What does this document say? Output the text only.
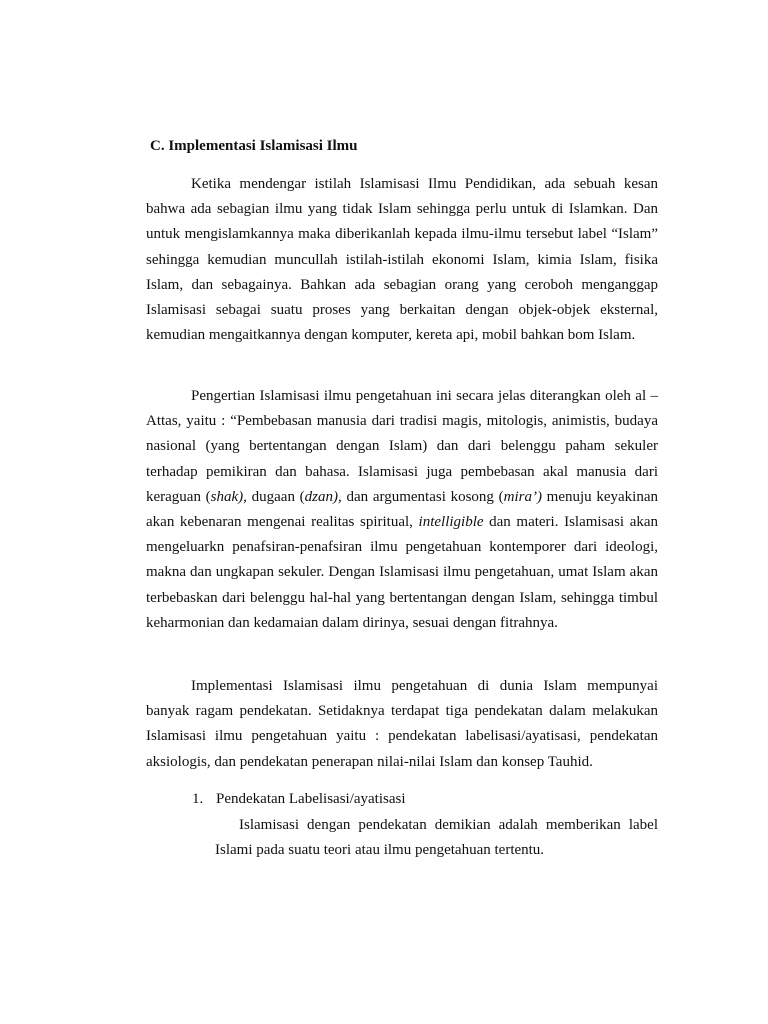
C. Implementasi Islamisasi Ilmu

Ketika mendengar istilah Islamisasi Ilmu Pendidikan, ada sebuah kesan bahwa ada sebagian ilmu yang tidak Islam sehingga perlu untuk di Islamkan. Dan untuk mengislamkannya maka diberikanlah kepada ilmu-ilmu tersebut label “Islam” sehingga kemudian muncullah istilah-istilah ekonomi Islam, kimia Islam, fisika Islam, dan sebagainya. Bahkan ada sebagian orang yang ceroboh menganggap Islamisasi sebagai suatu proses yang berkaitan dengan objek-objek eksternal, kemudian mengaitkannya dengan komputer, kereta api, mobil bahkan bom Islam.

Pengertian Islamisasi ilmu pengetahuan ini secara jelas diterangkan oleh al – Attas, yaitu : “Pembebasan manusia dari tradisi magis, mitologis, animistis, budaya nasional (yang bertentangan dengan Islam) dan dari belenggu paham sekuler terhadap pemikiran dan bahasa. Islamisasi juga pembebasan akal manusia dari keraguan (shak), dugaan (dzan), dan argumentasi kosong (mira’) menuju keyakinan akan kebenaran mengenai realitas spiritual, intelligible dan materi. Islamisasi akan mengeluarkn penafsiran-penafsiran ilmu pengetahuan kontemporer dari ideologi, makna dan ungkapan sekuler. Dengan Islamisasi ilmu pengetahuan, umat Islam akan terbebaskan dari belenggu hal-hal yang bertentangan dengan Islam, sehingga timbul keharmonian dan kedamaian dalam dirinya, sesuai dengan fitrahnya.

Implementasi Islamisasi ilmu pengetahuan di dunia Islam mempunyai banyak ragam pendekatan. Setidaknya terdapat tiga pendekatan dalam melakukan Islamisasi ilmu pengetahuan yaitu : pendekatan labelisasi/ayatisasi, pendekatan aksiologis, dan pendekatan penerapan nilai-nilai Islam dan konsep Tauhid.

1. Pendekatan Labelisasi/ayatisasi

Islamisasi dengan pendekatan demikian adalah memberikan label Islami pada suatu teori atau ilmu pengetahuan tertentu.
